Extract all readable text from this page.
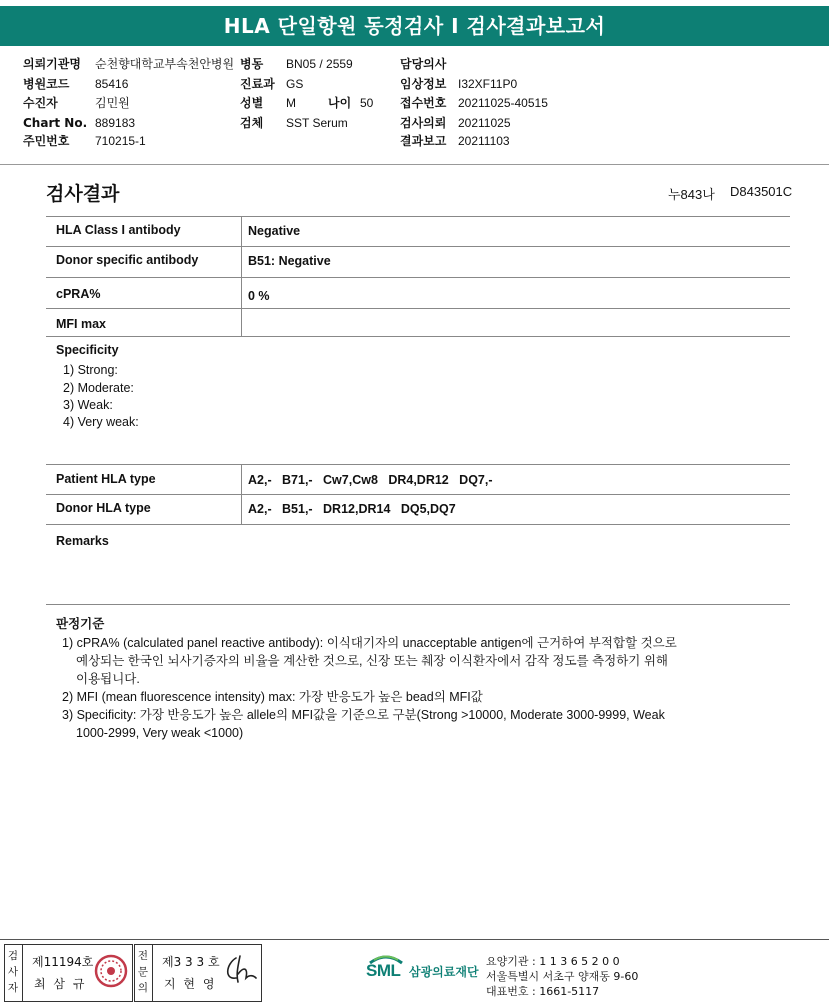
HLA 단일항원 동정검사 I 검사결과보고서
의뢰기관명 순천향대학교부속천안병원 병동 BN05 / 2559	담당의사
병원코드 85416	진료과 GS	임상정보 I32XF11P0
수진자	김민원	성별 M	나이 50 접수번호 20211025-40515
Chart No. 889183	검체 SST Serum	검사의뢰 20211025
주민번호 710215-1	결과보고 20211103
검사결과	누843나 D843501C
HLA Class I antibody	Negative
Donor specific antibody	B51: Negative
cPRA%	0 %
MFI max
Specificity
1) Strong:
2) Moderate:
3) Weak:
4) Very weak:
Patient HLA type	A2,-   B71,-   Cw7,Cw8   DR4,DR12   DQ7,-
Donor HLA type	A2,-   B51,-   DR12,DR14   DQ5,DQ7
Remarks
판정기준
1) cPRA% (calculated panel reactive antibody): 이식대기자의 unacceptable antigen에 근거하여 부적합할 것으로
예상되는 한국인 뇌사기증자의 비율을 계산한 것으로, 신장 또는 췌장 이식환자에서 감작 정도를 측정하기 위해
이용됩니다.
2) MFI (mean fluorescence intensity) max: 가장 반응도가 높은 bead의 MFI값
3) Specificity: 가장 반응도가 높은 allele의 MFI값을 기준으로 구분(Strong >10000, Moderate 3000-9999, Weak
1000-2999, Very weak <1000)
검
사
자
제11194호
최 삼 규
전
문
의
제3 3 3 호
지 현 영
SML 삼광의료재단
요양기관 : 1 1 3 6 5 2 0 0
서울특별시 서초구 양재동 9-60
대표번호 : 1661-5117
